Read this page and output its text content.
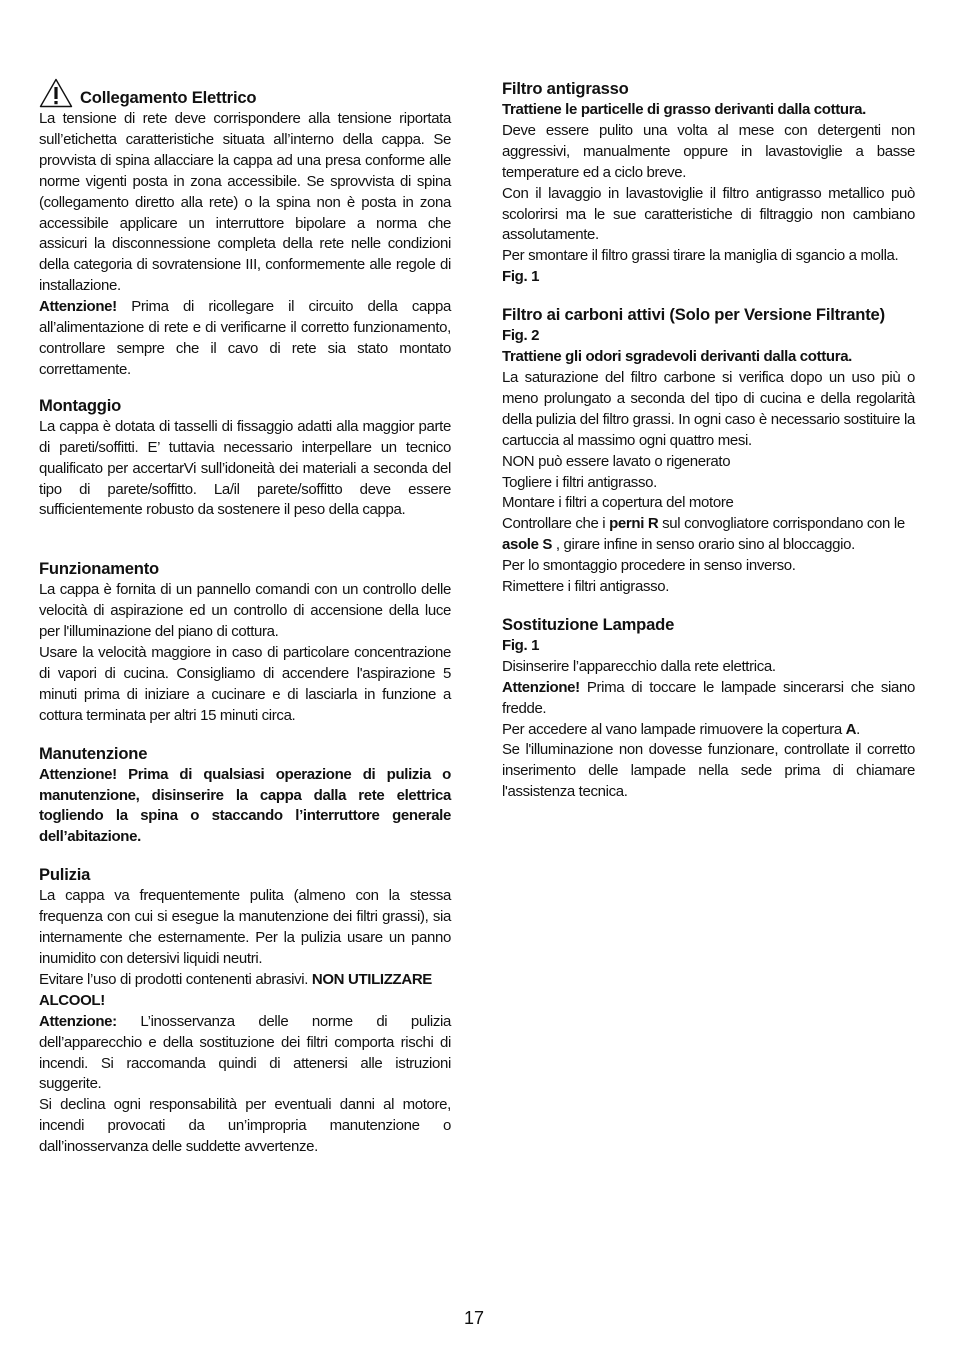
Collegamento Elettrico

La tensione di rete deve corrispondere alla tensione riportata sull’etichetta caratteristiche situata all’interno della cappa. Se provvista di spina allacciare la cappa ad una presa conforme alle norme vigenti posta in zona accessibile. Se sprovvista di spina (collegamento diretto alla rete) o la spina non è posta in zona accessibile applicare un interruttore bipolare a norma che assicuri la disconnessione completa della rete nelle condizioni della categoria di sovratensione III, conformemente alle regole di installazione.

Attenzione! Prima di ricollegare il circuito della cappa all’alimentazione di rete e di verificarne il corretto funzionamento, controllare sempre che il cavo di rete sia stato montato correttamente.

Montaggio

La cappa è dotata di tasselli di fissaggio adatti alla maggior parte di pareti/soffitti. E’ tuttavia necessario interpellare un tecnico qualificato per accertarVi sull’idoneità dei materiali a seconda del tipo di parete/soffitto. La/il parete/soffitto deve essere sufficientemente robusto da sostenere il peso della cappa.

Funzionamento

La cappa è fornita di un pannello comandi con un controllo delle velocità di aspirazione ed un controllo di accensione della luce per l'illuminazione del piano di cottura.

Usare la velocità maggiore in caso di particolare concentrazione di vapori di cucina. Consigliamo di accendere l'aspirazione 5 minuti prima di iniziare a cucinare e di lasciarla in funzione a cottura terminata per altri 15 minuti circa.

Manutenzione

Attenzione! Prima di qualsiasi operazione di pulizia o manutenzione, disinserire la cappa dalla rete elettrica togliendo la spina o staccando l’interruttore generale dell’abitazione.

Pulizia

La cappa va frequentemente pulita (almeno con la stessa frequenza con cui si esegue la manutenzione dei filtri grassi), sia internamente che esternamente. Per la pulizia usare un panno inumidito con detersivi liquidi neutri.

Evitare l’uso di prodotti contenenti abrasivi. NON UTILIZZARE ALCOOL!

Attenzione: L’inosservanza delle norme di pulizia dell’apparecchio e della sostituzione dei filtri comporta rischi di incendi. Si raccomanda quindi di attenersi alle istruzioni suggerite.

Si declina ogni responsabilità per eventuali danni al motore, incendi provocati da un’impropria manutenzione o dall’inosservanza delle suddette avvertenze.

Filtro antigrasso

Trattiene le particelle di grasso derivanti dalla cottura.

Deve essere pulito una volta al mese con detergenti non aggressivi, manualmente oppure in lavastoviglie a basse temperature ed a ciclo breve.

Con il lavaggio in lavastoviglie il filtro antigrasso metallico può scolorirsi ma le sue caratteristiche di filtraggio non cambiano assolutamente.

Per smontare il filtro grassi tirare la maniglia di sgancio a molla.

Fig. 1

Filtro ai carboni attivi (Solo per Versione Filtrante)

Fig. 2

Trattiene gli odori sgradevoli derivanti dalla cottura.

La saturazione del filtro carbone si verifica dopo un uso più o meno prolungato a seconda del tipo di cucina e della regolarità della pulizia del filtro grassi. In ogni caso è necessario sostituire la cartuccia al massimo ogni quattro mesi.

NON può essere lavato o rigenerato

Togliere i filtri antigrasso.

Montare i filtri a copertura del motore

Controllare che i perni R sul convogliatore corrispondano con le asole S , girare infine in senso orario sino al bloccaggio.

Per lo smontaggio procedere in senso inverso.

Rimettere i filtri antigrasso.

Sostituzione Lampade

Fig. 1

Disinserire l’apparecchio dalla rete elettrica.

Attenzione! Prima di toccare le lampade sincerarsi che siano fredde.

Per accedere al vano lampade rimuovere la copertura A.

Se l'illuminazione non dovesse funzionare, controllate il corretto inserimento delle lampade nella sede prima di chiamare l'assistenza tecnica.

17
